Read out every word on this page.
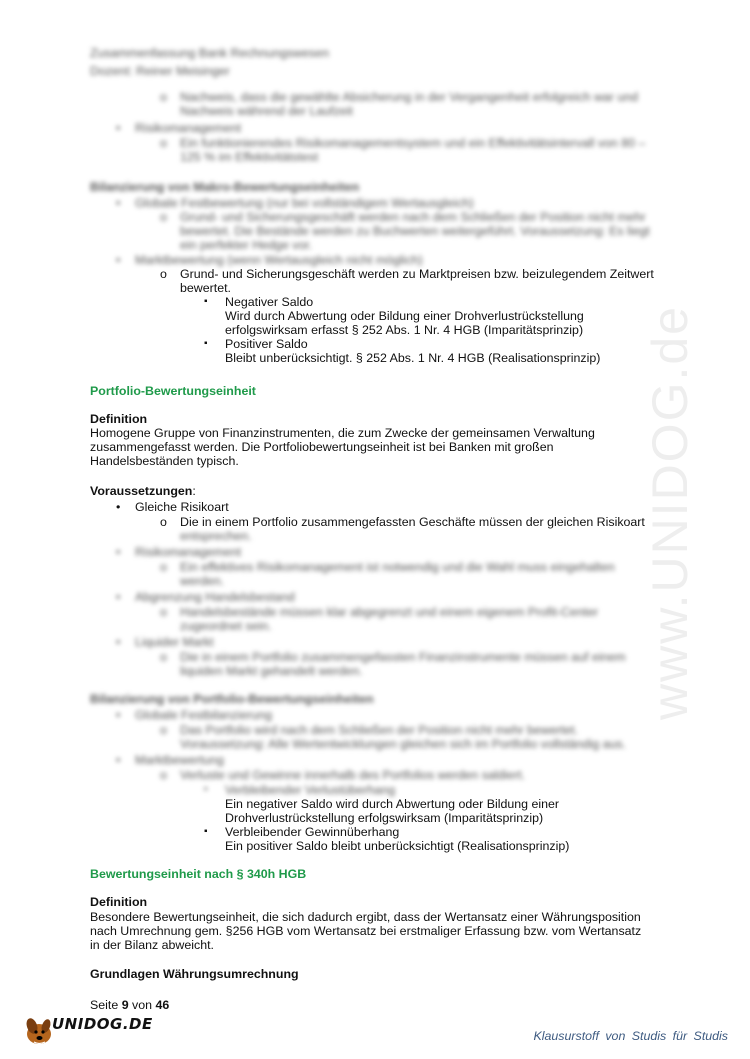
www.UNIDOG.de
Zusammenfassung Bank Rechnungswesen
Dozent: Reiner Meisinger
o Nachweis, dass die gewählte Absicherung in der Vergangenheit erfolgreich war und
Nachweis während der Laufzeit
• Risikomanagement
o Ein funktionierendes Risikomanagementsystem und ein Effektivitätsintervall von 80 –
125 % im Effektivitätstest
Bilanzierung von Makro-Bewertungseinheiten
• Globale Festbewertung (nur bei vollständigem Wertausgleich)
o Grund- und Sicherungsgeschäft werden nach dem Schließen der Position nicht mehr
bewertet. Die Bestände werden zu Buchwerten weitergeführt. Voraussetzung: Es liegt
ein perfekter Hedge vor.
• Marktbewertung (wenn Wertausgleich nicht möglich)
o Grund- und Sicherungsgeschäft werden zu Marktpreisen bzw. beizulegendem Zeitwert
bewertet.
▪ Negativer Saldo
Wird durch Abwertung oder Bildung einer Drohverlustrückstellung
erfolgswirksam erfasst § 252 Abs. 1 Nr. 4 HGB (Imparitätsprinzip)
▪ Positiver Saldo
Bleibt unberücksichtigt. § 252 Abs. 1 Nr. 4 HGB (Realisationsprinzip)
Portfolio-Bewertungseinheit
Definition
Homogene Gruppe von Finanzinstrumenten, die zum Zwecke der gemeinsamen Verwaltung
zusammengefasst werden. Die Portfoliobewertungseinheit ist bei Banken mit großen
Handelsbeständen typisch.
Voraussetzungen:
• Gleiche Risikoart
o Die in einem Portfolio zusammengefassten Geschäfte müssen der gleichen Risikoart
entsprechen.
• Risikomanagement
o Ein effektives Risikomanagement ist notwendig und die Wahl muss eingehalten
werden.
• Abgrenzung Handelsbestand
o Handelsbestände müssen klar abgegrenzt und einem eigenem Profit-Center
zugeordnet sein.
• Liquider Markt
o Die in einem Portfolio zusammengefassten Finanzinstrumente müssen auf einem
liquiden Markt gehandelt werden.
Bilanzierung von Portfolio-Bewertungseinheiten
• Globale Festbilanzierung
o Das Portfolio wird nach dem Schließen der Position nicht mehr bewertet.
Voraussetzung: Alle Wertentwicklungen gleichen sich im Portfolio vollständig aus.
• Marktbewertung
o Verluste und Gewinne innerhalb des Portfolios werden saldiert.
▪ Verbleibender Verlustüberhang
Ein negativer Saldo wird durch Abwertung oder Bildung einer
Drohverlustrückstellung erfolgswirksam (Imparitätsprinzip)
▪ Verbleibender Gewinnüberhang
Ein positiver Saldo bleibt unberücksichtigt (Realisationsprinzip)
Bewertungseinheit nach § 340h HGB
Definition
Besondere Bewertungseinheit, die sich dadurch ergibt, dass der Wertansatz einer Währungsposition
nach Umrechnung gem. §256 HGB vom Wertansatz bei erstmaliger Erfassung bzw. vom Wertansatz
in der Bilanz abweicht.
Grundlagen Währungsumrechnung
Seite 9 von 46
UNIDOG.DE
Klausurstoff von Studis für Studis
